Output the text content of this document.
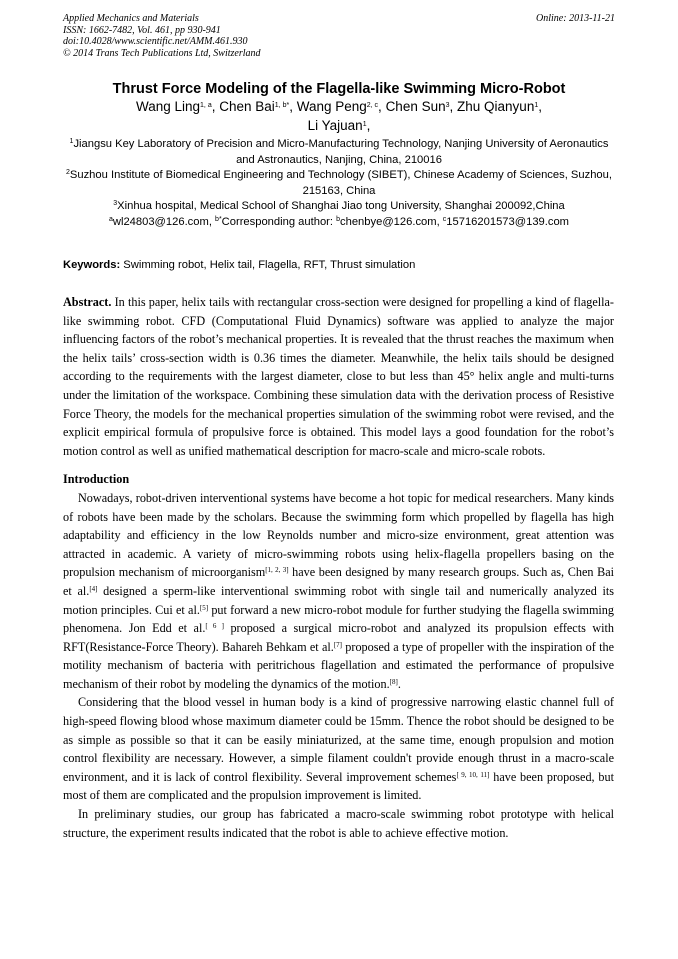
Applied Mechanics and Materials
ISSN: 1662-7482, Vol. 461, pp 930-941
doi:10.4028/www.scientific.net/AMM.461.930
© 2014 Trans Tech Publications Ltd, Switzerland
Online: 2013-11-21
Thrust Force Modeling of the Flagella-like Swimming Micro-Robot
Wang Ling$^{1, a}$, Chen Bai$^{1, b*}$, Wang Peng$^{2, c}$, Chen Sun$^3$, Zhu Qianyun$^1$,
Li Yajuan$^1$,

$^1$Jiangsu Key Laboratory of Precision and Micro-Manufacturing Technology, Nanjing University of Aeronautics and Astronautics, Nanjing, China, 210016

$^2$Suzhou Institute of Biomedical Engineering and Technology (SIBET), Chinese Academy of Sciences, Suzhou, 215163, China

$^3$Xinhua hospital, Medical School of Shanghai Jiao tong University, Shanghai 200092,China

$^a$wl24803@126.com, $^{b*}$Corresponding author: $^b$chenbye@126.com, $^c$15716201573@139.com

Keywords: Swimming robot, Helix tail, Flagella, RFT, Thrust simulation

Abstract. In this paper, helix tails with rectangular cross-section were designed for propelling a kind of flagella-like swimming robot. CFD (Computational Fluid Dynamics) software was applied to analyze the major influencing factors of the robot’s mechanical properties. It is revealed that the thrust reaches the maximum when the helix tails’ cross-section width is 0.36 times the diameter. Meanwhile, the helix tails should be designed according to the requirements with the largest diameter, close to but less than 45° helix angle and multi-turns under the limitation of the workspace. Combining these simulation data with the derivation process of Resistive Force Theory, the models for the mechanical properties simulation of the swimming robot were revised, and the explicit empirical formula of propulsive force is obtained. This model lays a good foundation for the robot’s motion control as well as unified mathematical description for macro-scale and micro-scale robots.

Introduction

Nowadays, robot-driven interventional systems have become a hot topic for medical researchers. Many kinds of robots have been made by the scholars. Because the swimming form which propelled by flagella has high adaptability and efficiency in the low Reynolds number and micro-size environment, great attention was attracted in academic. A variety of micro-swimming robots using helix-flagella propellers basing on the propulsion mechanism of microorganism[1, 2, 3] have been designed by many research groups. Such as, Chen Bai et al.[4] designed a sperm-like interventional swimming robot with single tail and numerically analyzed its motion principles. Cui et al.[5] put forward a new micro-robot module for further studying the flagella swimming phenomena. Jon Edd et al.[ 6 ] proposed a surgical micro-robot and analyzed its propulsion effects with RFT(Resistance-Force Theory). Bahareh Behkam et al.[7] proposed a type of propeller with the inspiration of the motility mechanism of bacteria with peritrichous flagellation and estimated the performance of propulsive mechanism of their robot by modeling the dynamics of the motion.[8].

Considering that the blood vessel in human body is a kind of progressive narrowing elastic channel full of high-speed flowing blood whose maximum diameter could be 15mm. Thence the robot should be designed to be as simple as possible so that it can be easily miniaturized, at the same time, enough propulsion and motion control flexibility are necessary. However, a simple filament couldn't provide enough thrust in a macro-scale environment, and it is lack of control flexibility. Several improvement schemes[ 9, 10, 11] have been proposed, but most of them are complicated and the propulsion improvement is limited.

In preliminary studies, our group has fabricated a macro-scale swimming robot prototype with helical structure, the experiment results indicated that the robot is able to achieve effective motion.
